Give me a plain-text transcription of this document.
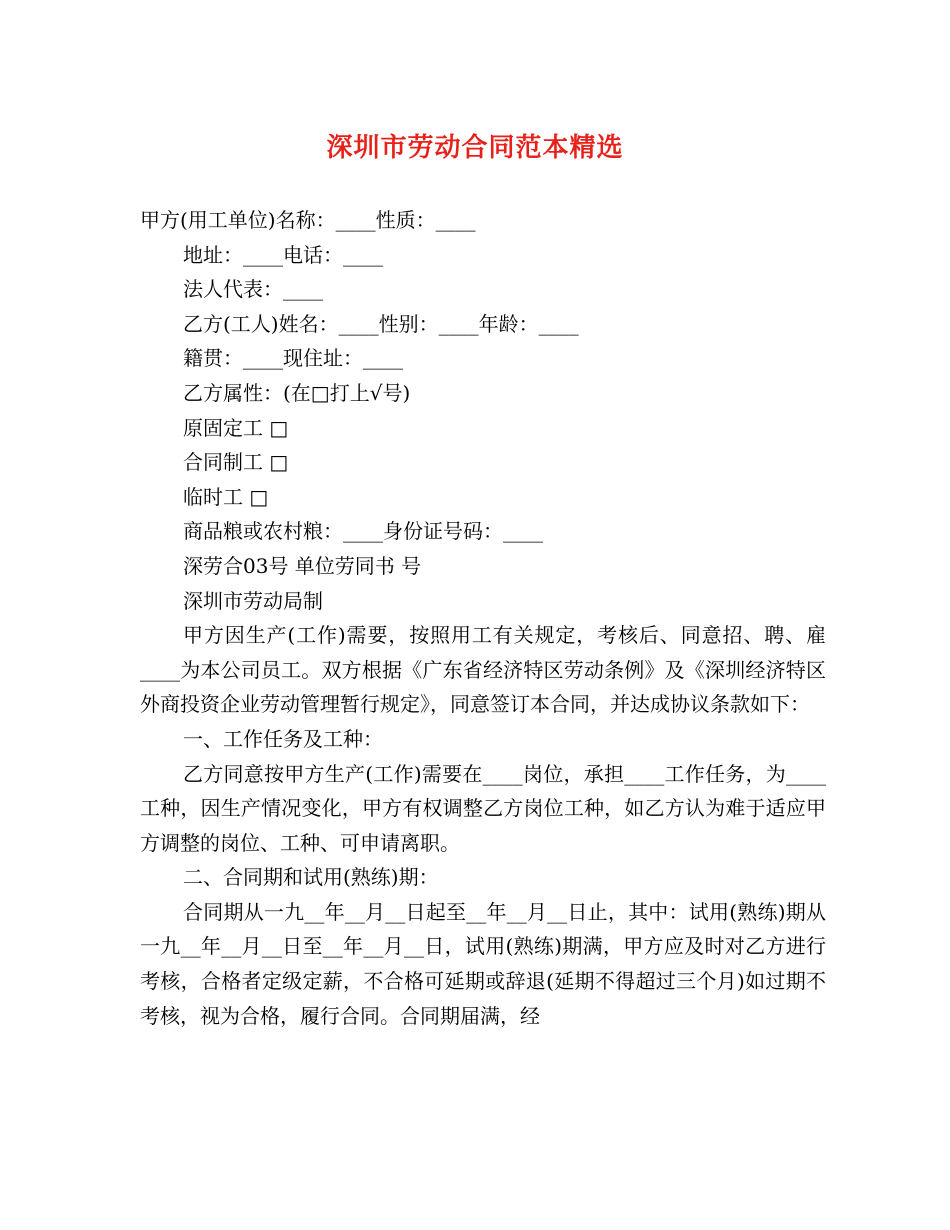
深圳市劳动合同范本精选
甲方(用工单位)名称：____性质：____
地址：____电话：____
法人代表：____
乙方(工人)姓名：____性别：____年龄：____
籍贯：____现住址：____
乙方属性：(在□打上√号)
原固定工 □
合同制工 □
临时工 □
商品粮或农村粮：____身份证号码：____
深劳合03号 单位劳同书 号
深圳市劳动局制
甲方因生产(工作)需要，按照用工有关规定，考核后、同意招、聘、雇____为本公司员工。双方根据《广东省经济特区劳动条例》及《深圳经济特区外商投资企业劳动管理暂行规定》，同意签订本合同，并达成协议条款如下：
一、工作任务及工种：
乙方同意按甲方生产(工作)需要在____岗位，承担____工作任务，为____工种，因生产情况变化，甲方有权调整乙方岗位工种，如乙方认为难于适应甲方调整的岗位、工种、可申请离职。
二、合同期和试用(熟练)期：
合同期从一九__年__月__日起至__年__月__日止，其中：试用(熟练)期从一九__年__月__日至__年__月__日，试用(熟练)期满，甲方应及时对乙方进行考核，合格者定级定薪，不合格可延期或辞退(延期不得超过三个月)如过期不考核，视为合格，履行合同。合同期届满，经
